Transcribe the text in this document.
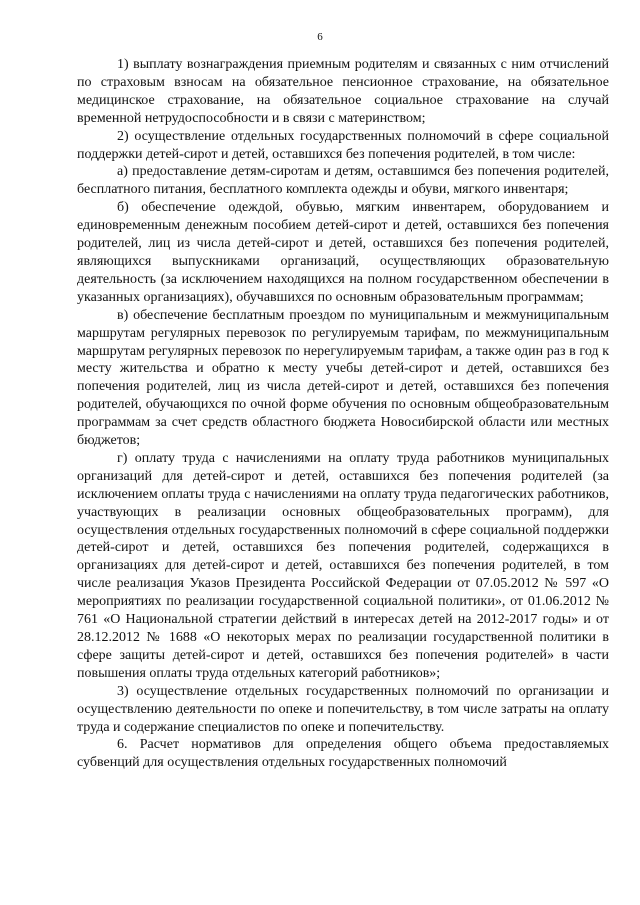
6

1) выплату вознаграждения приемным родителям и связанных с ним отчислений по страховым взносам на обязательное пенсионное страхование, на обязательное медицинское страхование, на обязательное социальное страхование на случай временной нетрудоспособности и в связи с материнством;

2) осуществление отдельных государственных полномочий в сфере социальной поддержки детей-сирот и детей, оставшихся без попечения родителей, в том числе:

а) предоставление детям-сиротам и детям, оставшимся без попечения родителей, бесплатного питания, бесплатного комплекта одежды и обуви, мягкого инвентаря;

б) обеспечение одеждой, обувью, мягким инвентарем, оборудованием и единовременным денежным пособием детей-сирот и детей, оставшихся без попечения родителей, лиц из числа детей-сирот и детей, оставшихся без попечения родителей, являющихся выпускниками организаций, осуществляющих образовательную деятельность (за исключением находящихся на полном государственном обеспечении в указанных организациях), обучавшихся по основным образовательным программам;

в) обеспечение бесплатным проездом по муниципальным и межмуниципальным маршрутам регулярных перевозок по регулируемым тарифам, по межмуниципальным маршрутам регулярных перевозок по нерегулируемым тарифам, а также один раз в год к месту жительства и обратно к месту учебы детей-сирот и детей, оставшихся без попечения родителей, лиц из числа детей-сирот и детей, оставшихся без попечения родителей, обучающихся по очной форме обучения по основным общеобразовательным программам за счет средств областного бюджета Новосибирской области или местных бюджетов;

г) оплату труда с начислениями на оплату труда работников муниципальных организаций для детей-сирот и детей, оставшихся без попечения родителей (за исключением оплаты труда с начислениями на оплату труда педагогических работников, участвующих в реализации основных общеобразовательных программ), для осуществления отдельных государственных полномочий в сфере социальной поддержки детей-сирот и детей, оставшихся без попечения родителей, содержащихся в организациях для детей-сирот и детей, оставшихся без попечения родителей, в том числе реализация Указов Президента Российской Федерации от 07.05.2012 № 597 «О мероприятиях по реализации государственной социальной политики», от 01.06.2012 № 761 «О Национальной стратегии действий в интересах детей на 2012-2017 годы» и от 28.12.2012 № 1688 «О некоторых мерах по реализации государственной политики в сфере защиты детей-сирот и детей, оставшихся без попечения родителей» в части повышения оплаты труда отдельных категорий работников»;

3) осуществление отдельных государственных полномочий по организации и осуществлению деятельности по опеке и попечительству, в том числе затраты на оплату труда и содержание специалистов по опеке и попечительству.

6. Расчет нормативов для определения общего объема предоставляемых субвенций для осуществления отдельных государственных полномочий
